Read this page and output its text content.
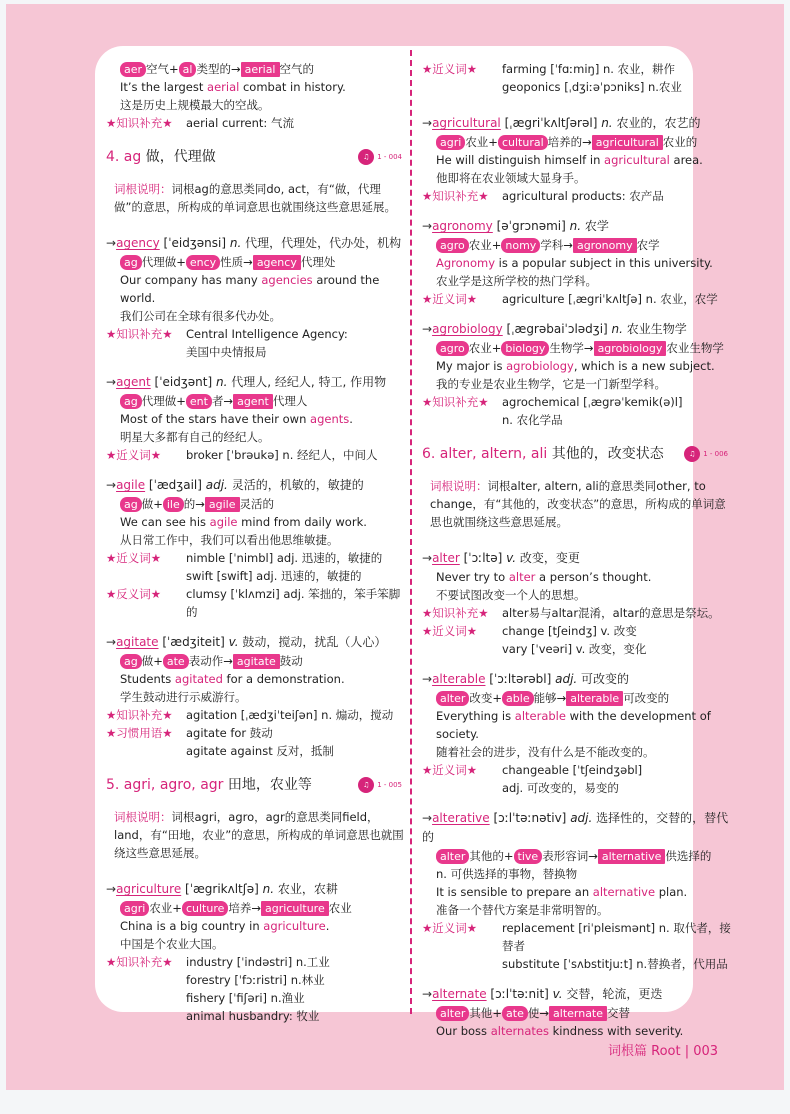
aer 空气+ al 类型的→ aerial 空气的
It’s the largest aerial combat in history.
这是历史上规模最大的空战。
★知识补充★	aerial current: 气流
4. ag 做，代理做	♫	1 - 004
词根说明：词根ag的意思类同do, act，有“做，代理做”的意思，所构成的单词意思也就围绕这些意思延展。
→agency [ˈeidʒənsi] n. 代理，代理处，代办处，机构
ag 代理做+ ency 性质→ agency 代理处
Our company has many agencies around the world.
我们公司在全球有很多代办处。
★知识补充★	Central Intelligence Agency:
美国中央情报局
→agent [ˈeidʒənt] n. 代理人, 经纪人, 特工, 作用物
ag 代理做+ ent 者→ agent 代理人
Most of the stars have their own agents.
明星大多都有自己的经纪人。
★近义词★	broker [ˈbrəukə] n. 经纪人，中间人
→agile [ˈædʒail] adj. 灵活的，机敏的，敏捷的
ag 做+ ile 的→ agile 灵活的
We can see his agile mind from daily work.
从日常工作中，我们可以看出他思维敏捷。
★近义词★	nimble [ˈnimbl] adj. 迅速的，敏捷的
swift [swift] adj. 迅速的，敏捷的
★反义词★	clumsy [ˈklʌmzi] adj. 笨拙的，笨手笨脚的
→agitate [ˈædʒiteit] v. 鼓动，搅动，扰乱（人心）
ag 做+ ate 表动作→ agitate 鼓动
Students agitated for a demonstration.
学生鼓动进行示威游行。
★知识补充★	agitation [ˌædʒiˈteiʃən] n. 煽动，搅动
★习惯用语★	agitate for 鼓动
agitate against 反对，抵制
5. agri, agro, agr 田地，农业等	♫	1 - 005
词根说明：词根agri，agro，agr的意思类同field，land，有“田地，农业”的意思，所构成的单词意思也就围绕这些意思延展。
→agriculture [ˈægrikʌltʃə] n. 农业，农耕
agri 农业+ culture 培养→ agriculture 农业
China is a big country in agriculture.
中国是个农业大国。
★知识补充★	industry [ˈindəstri] n.工业
forestry [ˈfɔːristri] n.林业
fishery [ˈfiʃəri] n.渔业
animal husbandry: 牧业
★近义词★	farming [ˈfɑːmiŋ] n. 农业，耕作
geoponics [ˌdʒiːəˈpɔniks] n.农业
→agricultural [ˌægriˈkʌltʃərəl] n. 农业的，农艺的
agri 农业+ cultural 培养的→ agricultural 农业的
He will distinguish himself in agricultural area.
他即将在农业领域大显身手。
★知识补充★	agricultural products: 农产品
→agronomy [əˈgrɔnəmi] n. 农学
agro 农业+ nomy 学科→ agronomy 农学
Agronomy is a popular subject in this university.
农业学是这所学校的热门学科。
★近义词★	agriculture [ˌægriˈkʌltʃə] n. 农业，农学
→agrobiology [ˌægrəbaiˈɔlədʒi] n. 农业生物学
agro 农业+ biology 生物学→ agrobiology 农业生物学
My major is agrobiology, which is a new subject.
我的专业是农业生物学，它是一门新型学科。
★知识补充★	agrochemical [ˌægrəˈkemik(ə)l]
n. 农化学品
6. alter, altern, ali 其他的，改变状态	♫	1 - 006
词根说明：词根alter, altern, ali的意思类同other, to change，有“其他的，改变状态”的意思，所构成的单词意思也就围绕这些意思延展。
→alter [ˈɔːltə] v. 改变，变更
Never try to alter a person’s thought.
不要试图改变一个人的思想。
★知识补充★	alter易与altar混淆，altar的意思是祭坛。
★近义词★	change [tʃeindʒ] v. 改变
vary [ˈveəri] v. 改变，变化
→alterable [ˈɔːltərəbl] adj. 可改变的
alter 改变+ able 能够→ alterable 可改变的
Everything is alterable with the development of society.
随着社会的进步，没有什么是不能改变的。
★近义词★	changeable [ˈtʃeindʒəbl]
adj. 可改变的，易变的
→alterative [ɔːlˈtəːnətiv] adj. 选择性的，交替的，替代的
alter 其他的+ tive 表形容词→ alternative 供选择的
n. 可供选择的事物，替换物
It is sensible to prepare an alternative plan.
准备一个替代方案是非常明智的。
★近义词★	replacement [riˈpleismənt] n. 取代者，接替者
substitute [ˈsʌbstitjuːt] n.替换者，代用品
→alternate [ɔːlˈtəːnit] v. 交替，轮流，更迭
alter 其他+ ate 使→ alternate 交替
Our boss alternates kindness with severity.
词根篇 Root | 003
